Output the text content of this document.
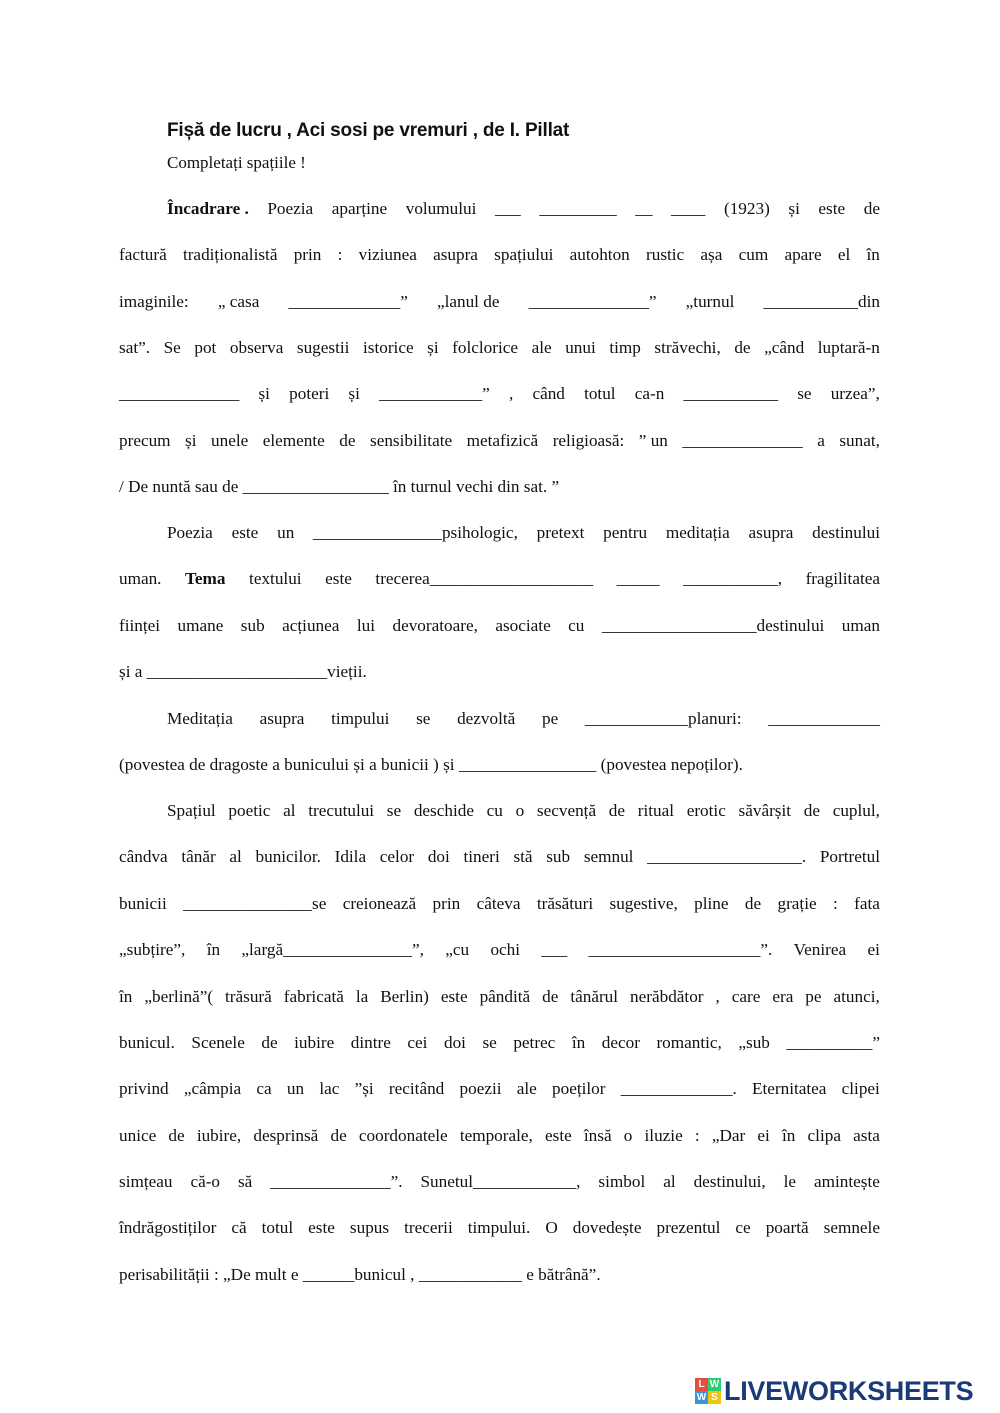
Fișă de lucru , Aci sosi pe vremuri , de I. Pillat

Completați spațiile !

Încadrare . Poezia aparține volumului ___ _________ __ ____ (1923) și este de
factură tradiționalistă prin : viziunea asupra spațiului autohton rustic așa cum apare el în
imaginile: „ casa _____________” „lanul de ______________” „turnul ___________din
sat”. Se pot observa sugestii istorice și folclorice ale unui timp străvechi, de „când luptară-n
______________ și poteri și ____________” , când totul ca-n ___________ se urzea”,
precum și unele elemente de sensibilitate metafizică religioasă: ” un ______________ a sunat,
/ De nuntă sau de _________________ în turnul vechi din sat. ”
Poezia este un _______________psihologic, pretext pentru meditația asupra destinului
uman. Tema textului este trecerea___________________ _____ ___________, fragilitatea
ființei umane sub acțiunea lui devoratoare, asociate cu __________________destinului uman
și a _____________________vieții.
Meditația asupra timpului se dezvoltă pe ____________planuri: _____________
(povestea de dragoste a bunicului și a bunicii ) și ________________ (povestea nepoților).
Spațiul poetic al trecutului se deschide cu o secvență de ritual erotic săvârșit de cuplul,
cândva tânăr al bunicilor. Idila celor doi tineri stă sub semnul __________________. Portretul
bunicii _______________se creionează prin câteva trăsături sugestive, pline de grație : fata
„subțire”, în „largă_______________”, „cu ochi ___ ____________________”. Venirea ei
în „berlină”( trăsură fabricată la Berlin) este pândită de tânărul nerăbdător , care era pe atunci,
bunicul. Scenele de iubire dintre cei doi se petrec în decor romantic, „sub __________”
privind „câmpia ca un lac ”și recitând poezii ale poeților _____________. Eternitatea clipei
unice de iubire, desprinsă de coordonatele temporale, este însă o iluzie : „Dar ei în clipa asta
simțeau că-o să ______________”. Sunetul____________, simbol al destinului, le amintește
îndrăgostiților că totul este supus trecerii timpului. O dovedește prezentul ce poartă semnele
perisabilității : „De mult e ______bunicul , ____________ e bătrână”.
L W
W S LIVEWORKSHEETS
